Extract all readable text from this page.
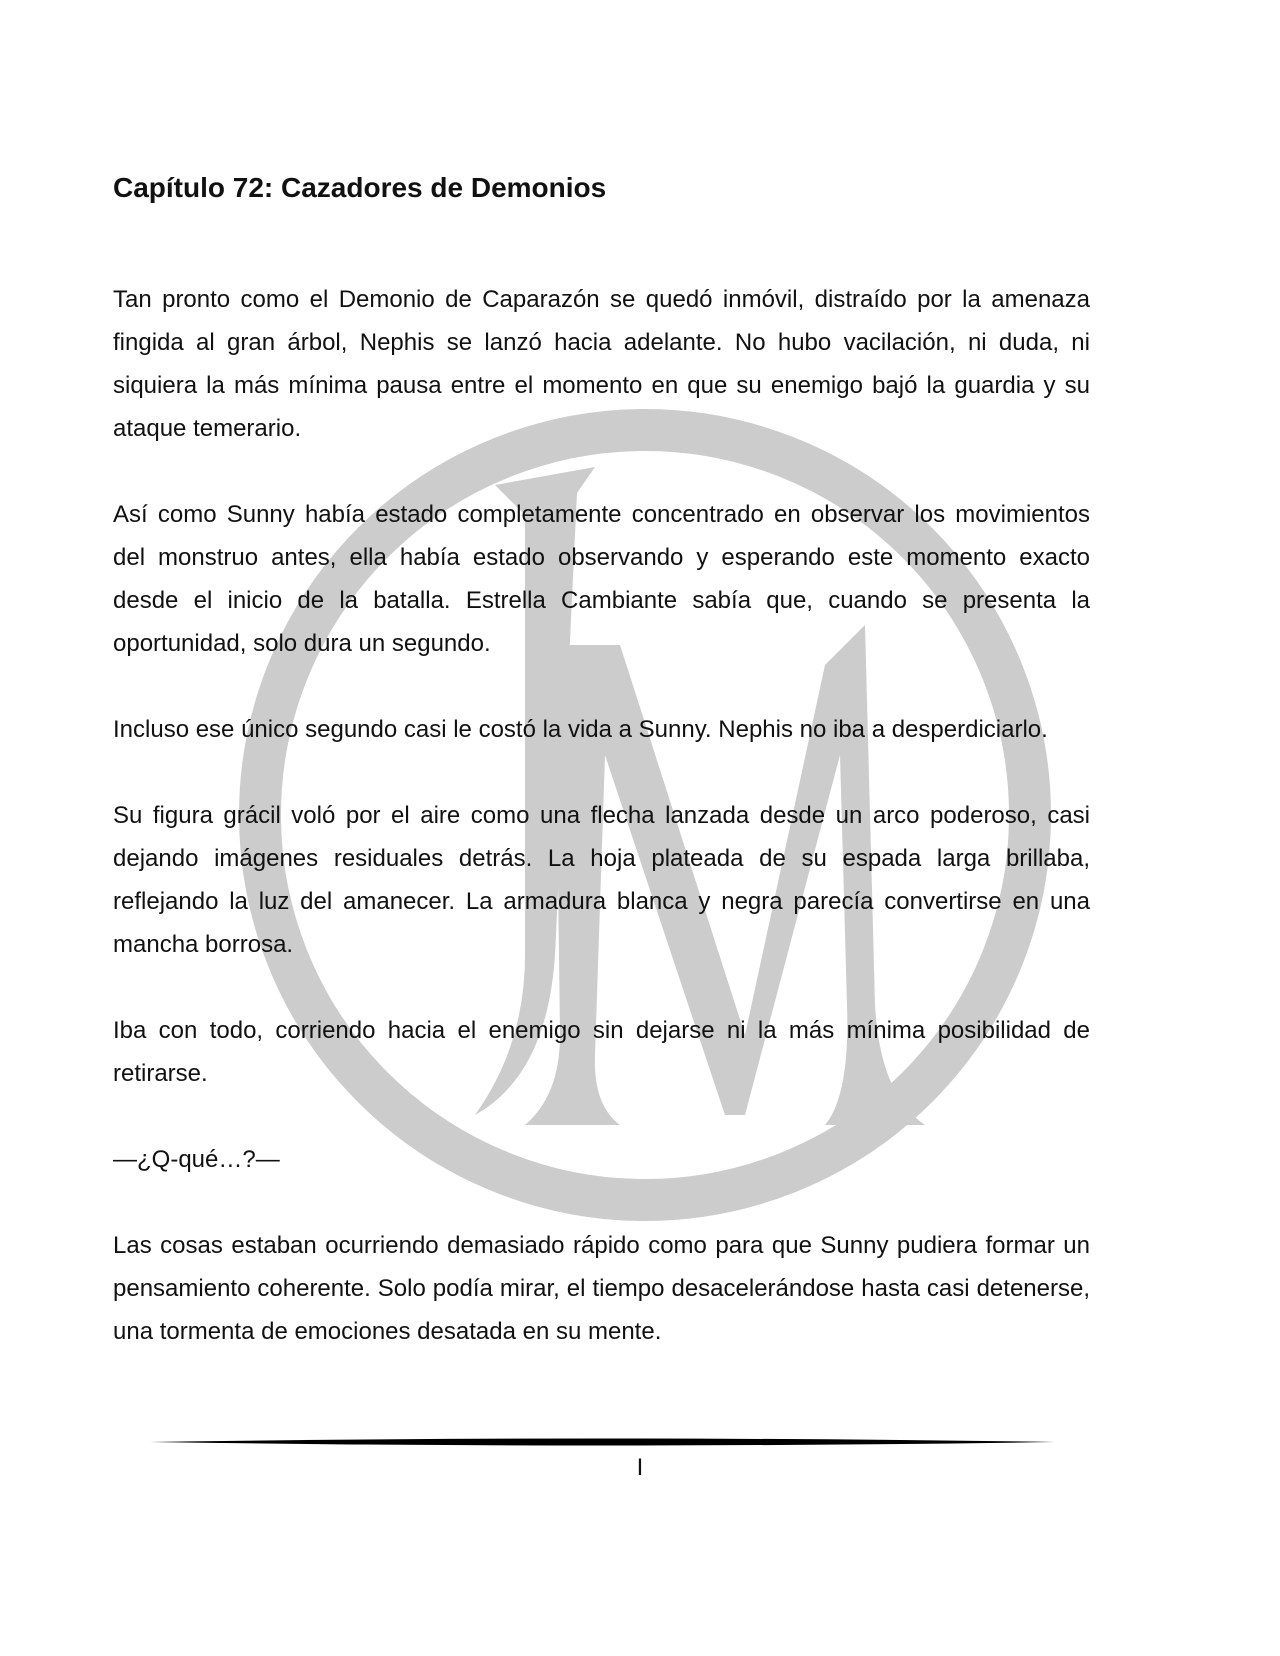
Capítulo 72: Cazadores de Demonios

Tan pronto como el Demonio de Caparazón se quedó inmóvil, distraído por la amenaza fingida al gran árbol, Nephis se lanzó hacia adelante. No hubo vacilación, ni duda, ni siquiera la más mínima pausa entre el momento en que su enemigo bajó la guardia y su ataque temerario.

Así como Sunny había estado completamente concentrado en observar los movimientos del monstruo antes, ella había estado observando y esperando este momento exacto desde el inicio de la batalla. Estrella Cambiante sabía que, cuando se presenta la oportunidad, solo dura un segundo.

Incluso ese único segundo casi le costó la vida a Sunny. Nephis no iba a desperdiciarlo.

Su figura grácil voló por el aire como una flecha lanzada desde un arco poderoso, casi dejando imágenes residuales detrás. La hoja plateada de su espada larga brillaba, reflejando la luz del amanecer. La armadura blanca y negra parecía convertirse en una mancha borrosa.

Iba con todo, corriendo hacia el enemigo sin dejarse ni la más mínima posibilidad de retirarse.

—¿Q-qué…?—

Las cosas estaban ocurriendo demasiado rápido como para que Sunny pudiera formar un pensamiento coherente. Solo podía mirar, el tiempo desacelerándose hasta casi detenerse, una tormenta de emociones desatada en su mente.

I
